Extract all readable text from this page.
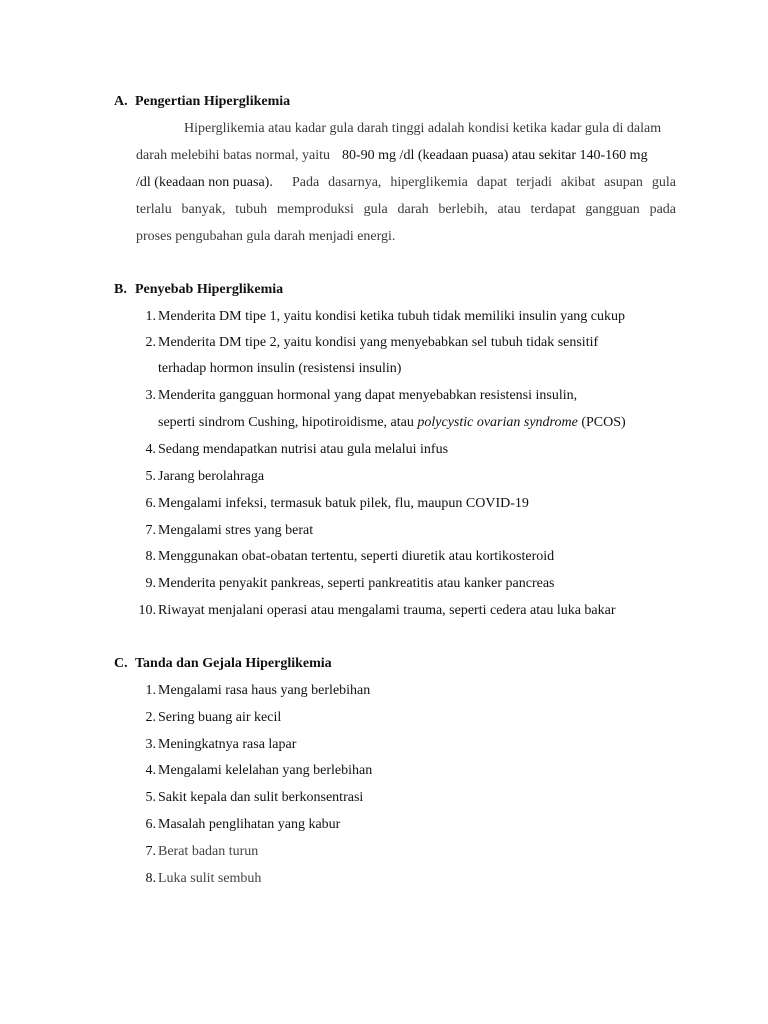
A. Pengertian Hiperglikemia
Hiperglikemia atau kadar gula darah tinggi adalah kondisi ketika kadar gula di dalam
darah melebihi batas normal, yaitu 80-90 mg /dl (keadaan puasa) atau sekitar 140-160 mg
/dl (keadaan non puasa). Pada dasarnya, hiperglikemia dapat terjadi akibat asupan gula
terlalu banyak, tubuh memproduksi gula darah berlebih, atau terdapat gangguan pada
proses pengubahan gula darah menjadi energi.
B. Penyebab Hiperglikemia
1. Menderita DM tipe 1, yaitu kondisi ketika tubuh tidak memiliki insulin yang cukup
2. Menderita DM tipe 2, yaitu kondisi yang menyebabkan sel tubuh tidak sensitif
terhadap hormon insulin (resistensi insulin)
3. Menderita gangguan hormonal yang dapat menyebabkan resistensi insulin,
seperti sindrom Cushing, hipotiroidisme, atau polycystic ovarian syndrome (PCOS)
4. Sedang mendapatkan nutrisi atau gula melalui infus
5. Jarang berolahraga
6. Mengalami infeksi, termasuk batuk pilek, flu, maupun COVID-19
7. Mengalami stres yang berat
8. Menggunakan obat-obatan tertentu, seperti diuretik atau kortikosteroid
9. Menderita penyakit pankreas, seperti pankreatitis atau kanker pancreas
10. Riwayat menjalani operasi atau mengalami trauma, seperti cedera atau luka bakar
C. Tanda dan Gejala Hiperglikemia
1. Mengalami rasa haus yang berlebihan
2. Sering buang air kecil
3. Meningkatnya rasa lapar
4. Mengalami kelelahan yang berlebihan
5. Sakit kepala dan sulit berkonsentrasi
6. Masalah penglihatan yang kabur
7. Berat badan turun
8. Luka sulit sembuh
